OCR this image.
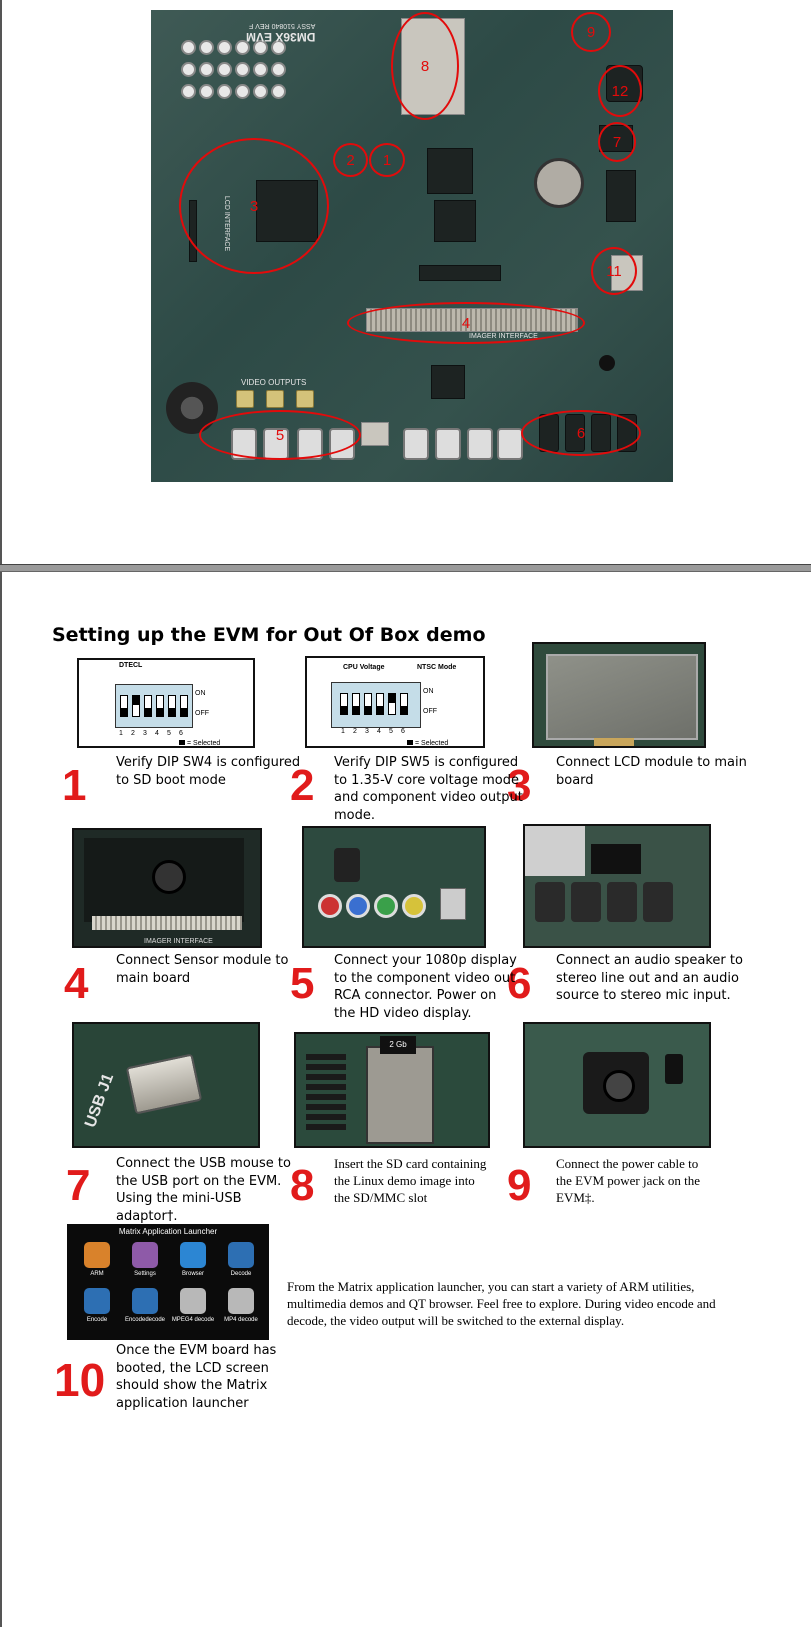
DM36X EVM
ASSY 510840 REV F
VIDEO OUTPUTS
IMAGER INTERFACE
LCD INTERFACE
9
8
12
7
2	1
3
11
4
5	6
Setting up the EVM for Out Of Box demo
DTECL
ON
OFF
1 2 3 4 5 6
= Selected
CPU Voltage	NTSC Mode
ON
OFF
1 2 3 4 5 6
= Selected
IMAGER INTERFACE
USB J1
2 Gb
Matrix Application Launcher
ARM	Settings	Browser	Decode
Encode	Encodedecode	MPEG4 decode	MP4 decode
1	2	3
4	5	6
7	8	9
10
Verify DIP SW4 is configured
to SD boot mode
Verify DIP SW5 is configured
to 1.35-V core voltage mode
and component video output
mode.
Connect LCD module to main
board
Connect Sensor module to
main board
Connect your 1080p display
to the component video out
RCA connector. Power on
the HD video display.
Connect an audio speaker to
stereo line out and an audio
source to stereo mic input.
Connect the USB mouse to
the USB port on the EVM.
Using the mini-USB
adaptor†.
Insert the SD card containing
the Linux demo image into
the SD/MMC slot
Connect the power cable to
the EVM power jack on the
EVM‡.
Once the EVM board has
booted, the LCD screen
should show the Matrix
application launcher
From the Matrix application launcher, you can start a variety of ARM utilities, multimedia demos and QT browser. Feel free to explore. During video encode and decode, the video output will be switched to the external display.
